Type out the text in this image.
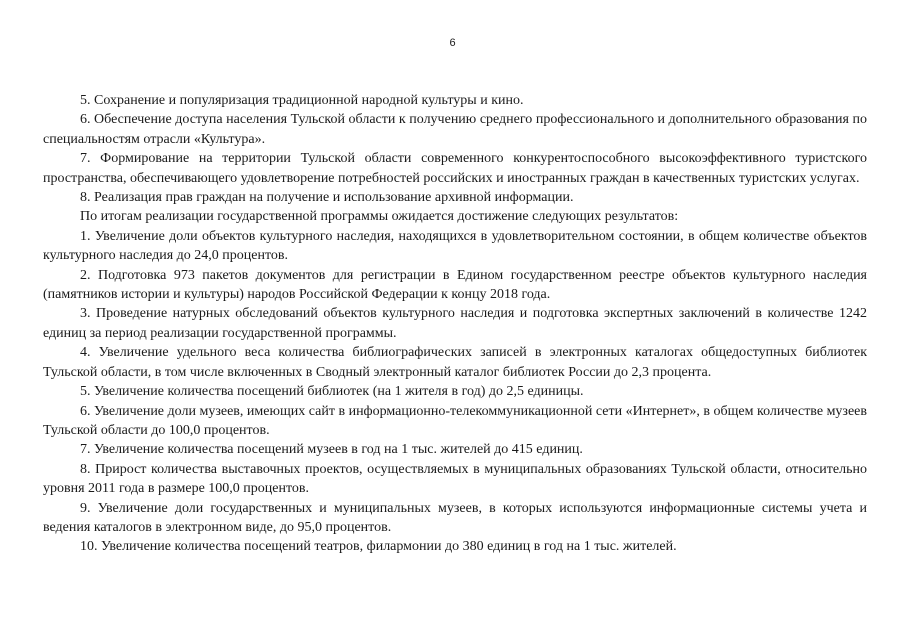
6

5. Сохранение и популяризация традиционной народной культуры и кино.

6. Обеспечение доступа населения Тульской области к получению среднего профессионального и дополнительного образования по специальностям отрасли «Культура».

7. Формирование на территории Тульской области современного конкурентоспособного высокоэффективного туристского пространства, обеспечивающего удовлетворение потребностей российских и иностранных граждан в качественных туристских услугах.

8. Реализация прав граждан на получение и использование архивной информации.

По итогам реализации государственной программы ожидается достижение следующих результатов:

1. Увеличение доли объектов культурного наследия, находящихся в удовлетворительном состоянии, в общем количестве объектов культурного наследия до 24,0 процентов.

2. Подготовка 973 пакетов документов для регистрации в Едином государственном реестре объектов культурного наследия (памятников истории и культуры) народов Российской Федерации к концу 2018 года.

3. Проведение натурных обследований объектов культурного наследия и подготовка экспертных заключений в количестве 1242 единиц за период реализации государственной программы.

4. Увеличение удельного веса количества библиографических записей в электронных каталогах общедоступных библиотек Тульской области, в том числе включенных в Сводный электронный каталог библиотек России до 2,3 процента.

5. Увеличение количества посещений библиотек (на 1 жителя в год) до 2,5 единицы.

6. Увеличение доли музеев, имеющих сайт в информационно-телекоммуникационной сети «Интернет», в общем количестве музеев Тульской области до 100,0 процентов.

7. Увеличение количества посещений музеев в год на 1 тыс. жителей до 415 единиц.

8. Прирост количества выставочных проектов, осуществляемых в муниципальных образованиях Тульской области, относительно уровня 2011 года в размере 100,0 процентов.

9. Увеличение доли государственных и муниципальных музеев, в которых используются информационные системы учета и ведения каталогов в электронном виде, до 95,0 процентов.

10. Увеличение количества посещений театров, филармонии до 380 единиц в год на 1 тыс. жителей.
